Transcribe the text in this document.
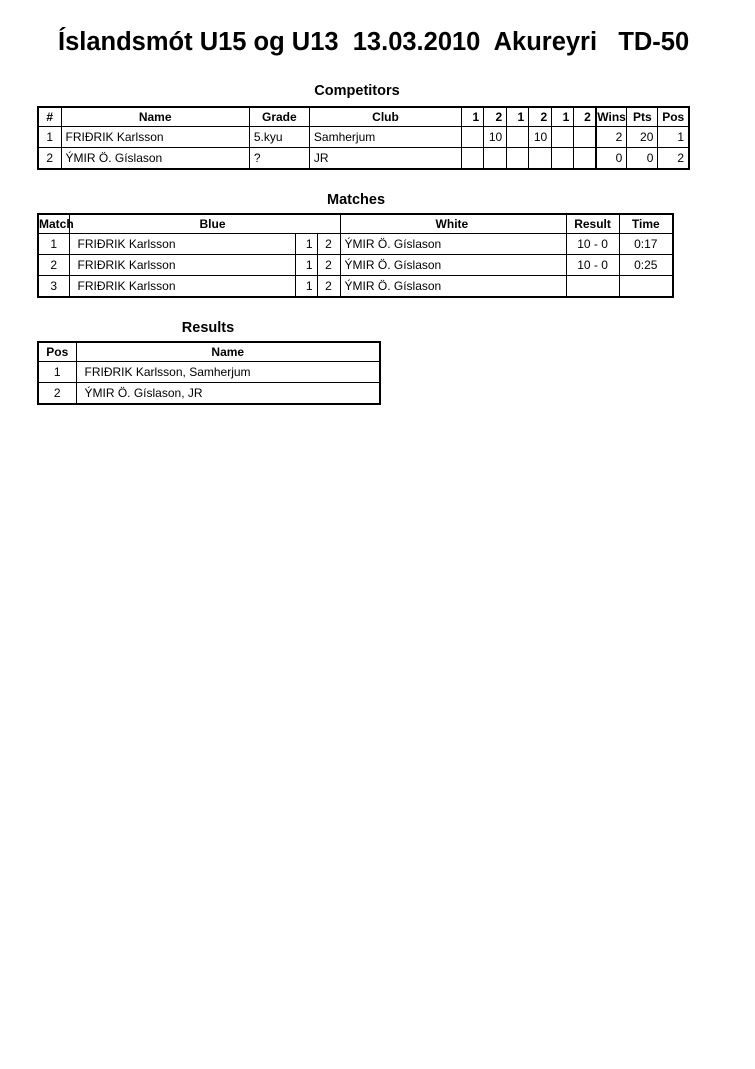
Íslandsmót U15 og U13  13.03.2010  Akureyri   TD-50
Competitors
#	Name	Grade	Club	1	2	1	2	1	2	Wins	Pts	Pos
1	FRIÐRIK Karlsson	5.kyu	Samherjum		10		10			2	20	1
2	ÝMIR Ö. Gíslason	?	JR							0	0	2
Matches
Match	Blue			White	Result	Time
1	FRIÐRIK Karlsson	1	2	ÝMIR Ö. Gíslason	10 - 0	0:17
2	FRIÐRIK Karlsson	1	2	ÝMIR Ö. Gíslason	10 - 0	0:25
3	FRIÐRIK Karlsson	1	2	ÝMIR Ö. Gíslason		
Results
Pos	Name
1	FRIÐRIK Karlsson, Samherjum
2	ÝMIR Ö. Gíslason, JR
